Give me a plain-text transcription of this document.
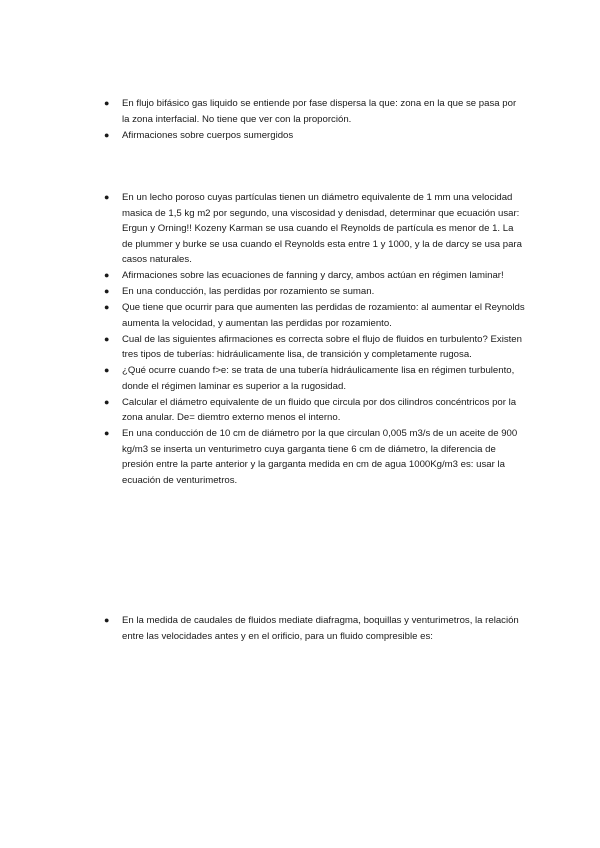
● En flujo bifásico gas liquido se entiende por fase dispersa la que: zona en la que se pasa por la zona interfacial. No tiene que ver con la proporción.
● Afirmaciones sobre cuerpos sumergidos
● En un lecho poroso cuyas partículas tienen un diámetro equivalente de 1 mm una velocidad masica de 1,5 kg m2 por segundo, una viscosidad y denisdad, determinar que ecuación usar: Ergun y Orning!! Kozeny Karman se usa cuando el Reynolds de partícula es menor de 1. La de plummer y burke se usa cuando el Reynolds esta entre 1 y 1000, y la de darcy se usa para casos naturales.
● Afirmaciones sobre las ecuaciones de fanning y darcy, ambos actúan en régimen laminar!
● En una conducción, las perdidas por rozamiento se suman.
● Que tiene que ocurrir para que aumenten las perdidas de rozamiento: al aumentar el Reynolds aumenta la velocidad, y aumentan las perdidas por rozamiento.
● Cual de las siguientes afirmaciones es correcta sobre el flujo de fluidos en turbulento? Existen tres tipos de tuberías: hidráulicamente lisa, de transición y completamente rugosa.
● ¿Qué ocurre cuando f>e: se trata de una tubería hidráulicamente lisa en régimen turbulento, donde el régimen laminar es superior a la rugosidad.
● Calcular el diámetro equivalente de un fluido que circula por dos cilindros concéntricos por la zona anular. De= diemtro externo menos el interno.
● En una conducción de 10 cm de diámetro por la que circulan 0,005 m3/s de un aceite de 900 kg/m3 se inserta un venturimetro cuya garganta tiene 6 cm de diámetro, la diferencia de presión entre la parte anterior y la garganta medida en cm de agua 1000Kg/m3 es: usar la ecuación de venturimetros.
● En la medida de caudales de fluidos mediate diafragma, boquillas y venturimetros, la relación entre las velocidades antes y en el orificio, para un fluido compresible es:
